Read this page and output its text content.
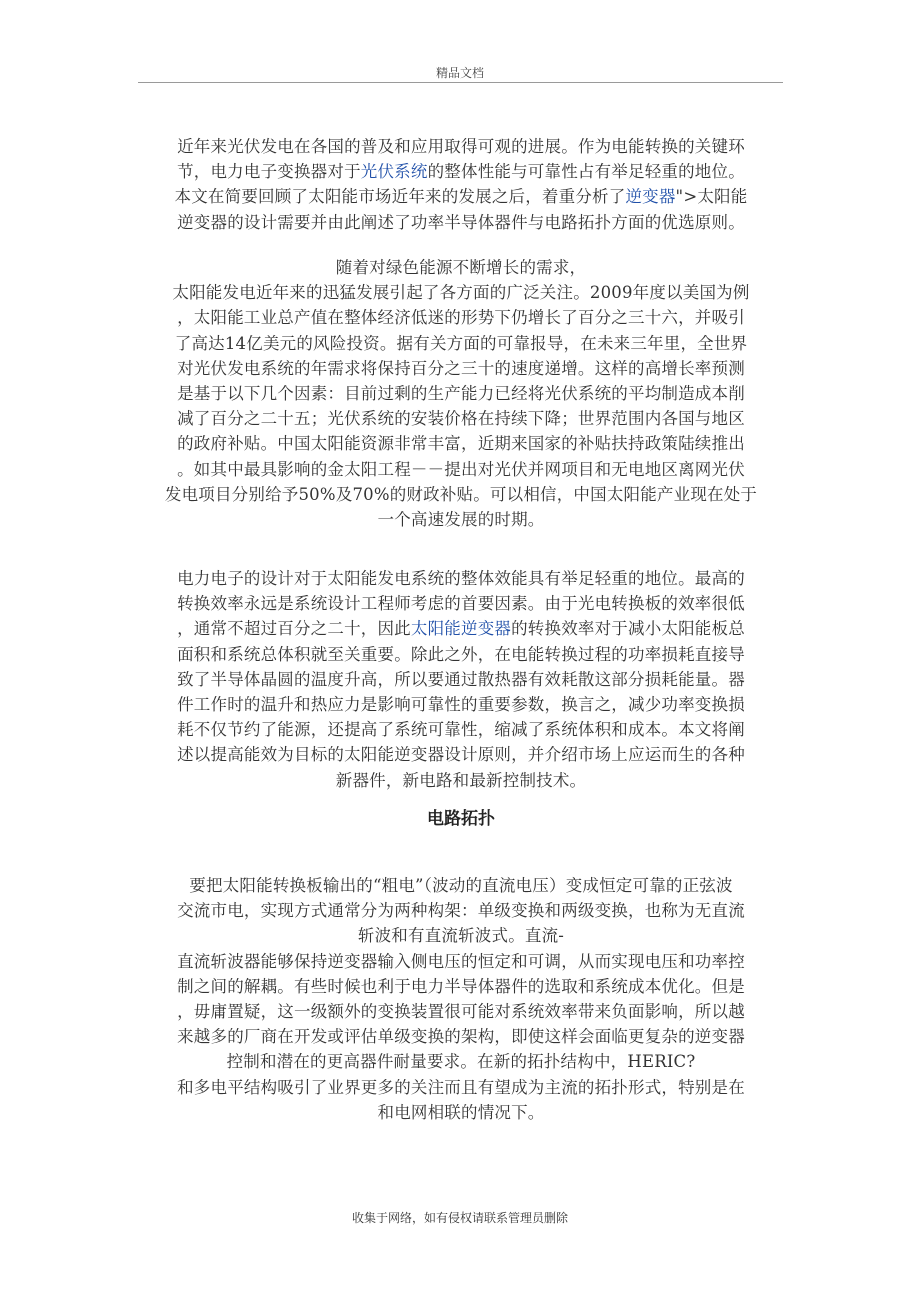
精品文档
近年来光伏发电在各国的普及和应用取得可观的进展。作为电能转换的关键环
节，电力电子变换器对于光伏系统的整体性能与可靠性占有举足轻重的地位。
本文在简要回顾了太阳能市场近年来的发展之后，着重分析了逆变器">太阳能
逆变器的设计需要并由此阐述了功率半导体器件与电路拓扑方面的优选原则。
随着对绿色能源不断增长的需求，
太阳能发电近年来的迅猛发展引起了各方面的广泛关注。2009年度以美国为例
，太阳能工业总产值在整体经济低迷的形势下仍增长了百分之三十六，并吸引
了高达14亿美元的风险投资。据有关方面的可靠报导，在未来三年里，全世界
对光伏发电系统的年需求将保持百分之三十的速度递增。这样的高增长率预测
是基于以下几个因素：目前过剩的生产能力已经将光伏系统的平均制造成本削
减了百分之二十五；光伏系统的安装价格在持续下降；世界范围内各国与地区
的政府补贴。中国太阳能资源非常丰富，近期来国家的补贴扶持政策陆续推出
。如其中最具影响的金太阳工程－－提出对光伏并网项目和无电地区离网光伏
发电项目分别给予50%及70%的财政补贴。可以相信，中国太阳能产业现在处于
一个高速发展的时期。
电力电子的设计对于太阳能发电系统的整体效能具有举足轻重的地位。最高的
转换效率永远是系统设计工程师考虑的首要因素。由于光电转换板的效率很低
，通常不超过百分之二十，因此太阳能逆变器的转换效率对于减小太阳能板总
面积和系统总体积就至关重要。除此之外，在电能转换过程的功率损耗直接导
致了半导体晶圆的温度升高，所以要通过散热器有效耗散这部分损耗能量。器
件工作时的温升和热应力是影响可靠性的重要参数，换言之，减少功率变换损
耗不仅节约了能源，还提高了系统可靠性，缩减了系统体积和成本。本文将阐
述以提高能效为目标的太阳能逆变器设计原则，并介绍市场上应运而生的各种
新器件，新电路和最新控制技术。
电路拓扑
要把太阳能转换板输出的“粗电”（波动的直流电压）变成恒定可靠的正弦波
交流市电，实现方式通常分为两种构架：单级变换和两级变换，也称为无直流
斩波和有直流斩波式。直流-
直流斩波器能够保持逆变器输入侧电压的恒定和可调，从而实现电压和功率控
制之间的解耦。有些时候也利于电力半导体器件的选取和系统成本优化。但是
，毋庸置疑，这一级额外的变换装置很可能对系统效率带来负面影响，所以越
来越多的厂商在开发或评估单级变换的架构，即使这样会面临更复杂的逆变器
控制和潜在的更高器件耐量要求。在新的拓扑结构中，HERIC?
和多电平结构吸引了业界更多的关注而且有望成为主流的拓扑形式，特别是在
和电网相联的情况下。
收集于网络，如有侵权请联系管理员删除
